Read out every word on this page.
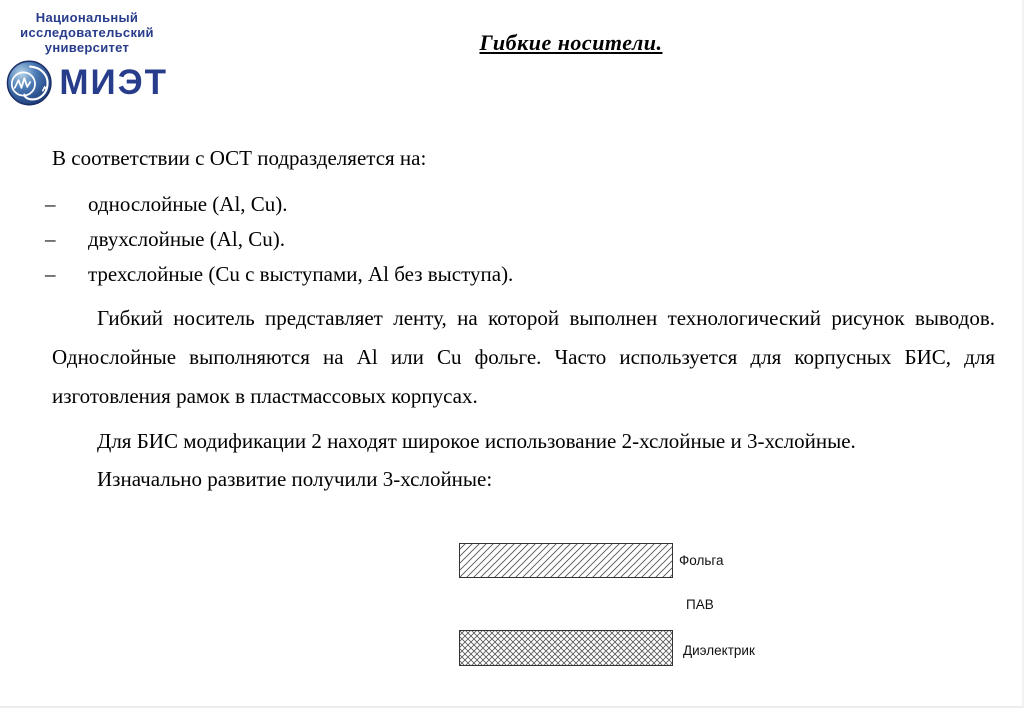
Национальный
исследовательский
университет
МИЭТ
Гибкие носители.
В соответствии с ОСТ подразделяется на:
–	однослойные (Al, Cu).
–	двухслойные (Al, Cu).
–	трехслойные (Cu с выступами, Al без выступа).
Гибкий носитель представляет ленту, на которой выполнен технологический рисунок выводов. Однослойные выполняются на Al или Cu фольге. Часто используется для корпусных БИС, для изготовления рамок в пластмассовых корпусах.
Для БИС модификации 2 находят широкое использование 2-хслойные и 3-хслойные.
Изначально развитие получили 3-хслойные:
Фольга
ПАВ
Диэлектрик
